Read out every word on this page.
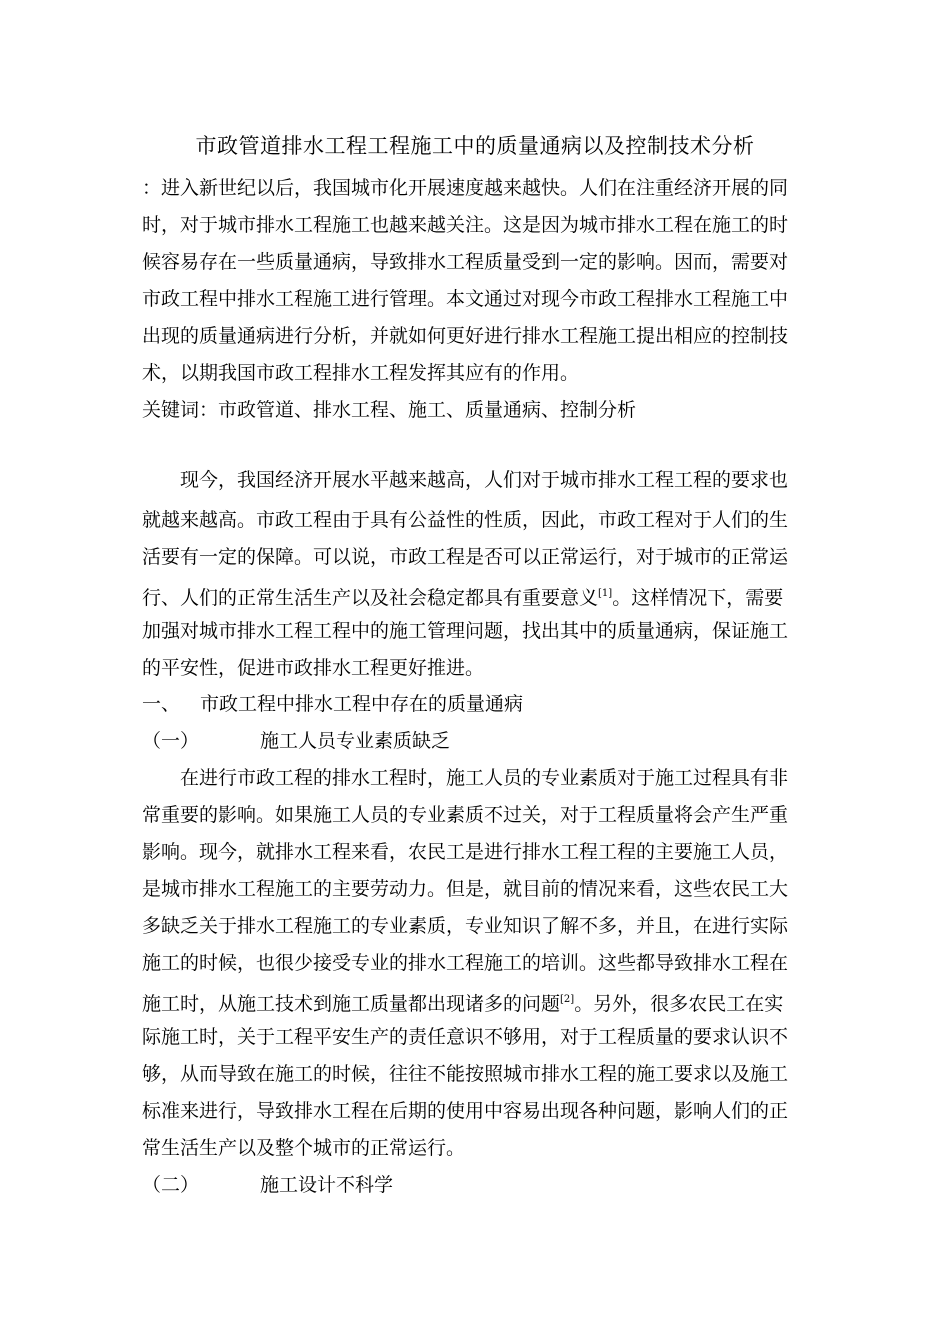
市政管道排水工程工程施工中的质量通病以及控制技术分析
：进入新世纪以后，我国城市化开展速度越来越快。人们在注重经济开展的同
时，对于城市排水工程施工也越来越关注。这是因为城市排水工程在施工的时
候容易存在一些质量通病，导致排水工程质量受到一定的影响。因而，需要对
市政工程中排水工程施工进行管理。本文通过对现今市政工程排水工程施工中
出现的质量通病进行分析，并就如何更好进行排水工程施工提出相应的控制技
术，以期我国市政工程排水工程发挥其应有的作用。
关键词：市政管道、排水工程、施工、质量通病、控制分析
现今，我国经济开展水平越来越高，人们对于城市排水工程工程的要求也
就越来越高。市政工程由于具有公益性的性质，因此，市政工程对于人们的生
活要有一定的保障。可以说，市政工程是否可以正常运行，对于城市的正常运
行、人们的正常生活生产以及社会稳定都具有重要意义[1]。这样情况下，需要
加强对城市排水工程工程中的施工管理问题，找出其中的质量通病，保证施工
的平安性，促进市政排水工程更好推进。
一、 市政工程中排水工程中存在的质量通病
（一）	施工人员专业素质缺乏
在进行市政工程的排水工程时，施工人员的专业素质对于施工过程具有非
常重要的影响。如果施工人员的专业素质不过关，对于工程质量将会产生严重
影响。现今，就排水工程来看，农民工是进行排水工程工程的主要施工人员，
是城市排水工程施工的主要劳动力。但是，就目前的情况来看，这些农民工大
多缺乏关于排水工程施工的专业素质，专业知识了解不多，并且，在进行实际
施工的时候，也很少接受专业的排水工程施工的培训。这些都导致排水工程在
施工时，从施工技术到施工质量都出现诸多的问题[2]。另外，很多农民工在实
际施工时，关于工程平安生产的责任意识不够用，对于工程质量的要求认识不
够，从而导致在施工的时候，往往不能按照城市排水工程的施工要求以及施工
标准来进行，导致排水工程在后期的使用中容易出现各种问题，影响人们的正
常生活生产以及整个城市的正常运行。
（二）	施工设计不科学
